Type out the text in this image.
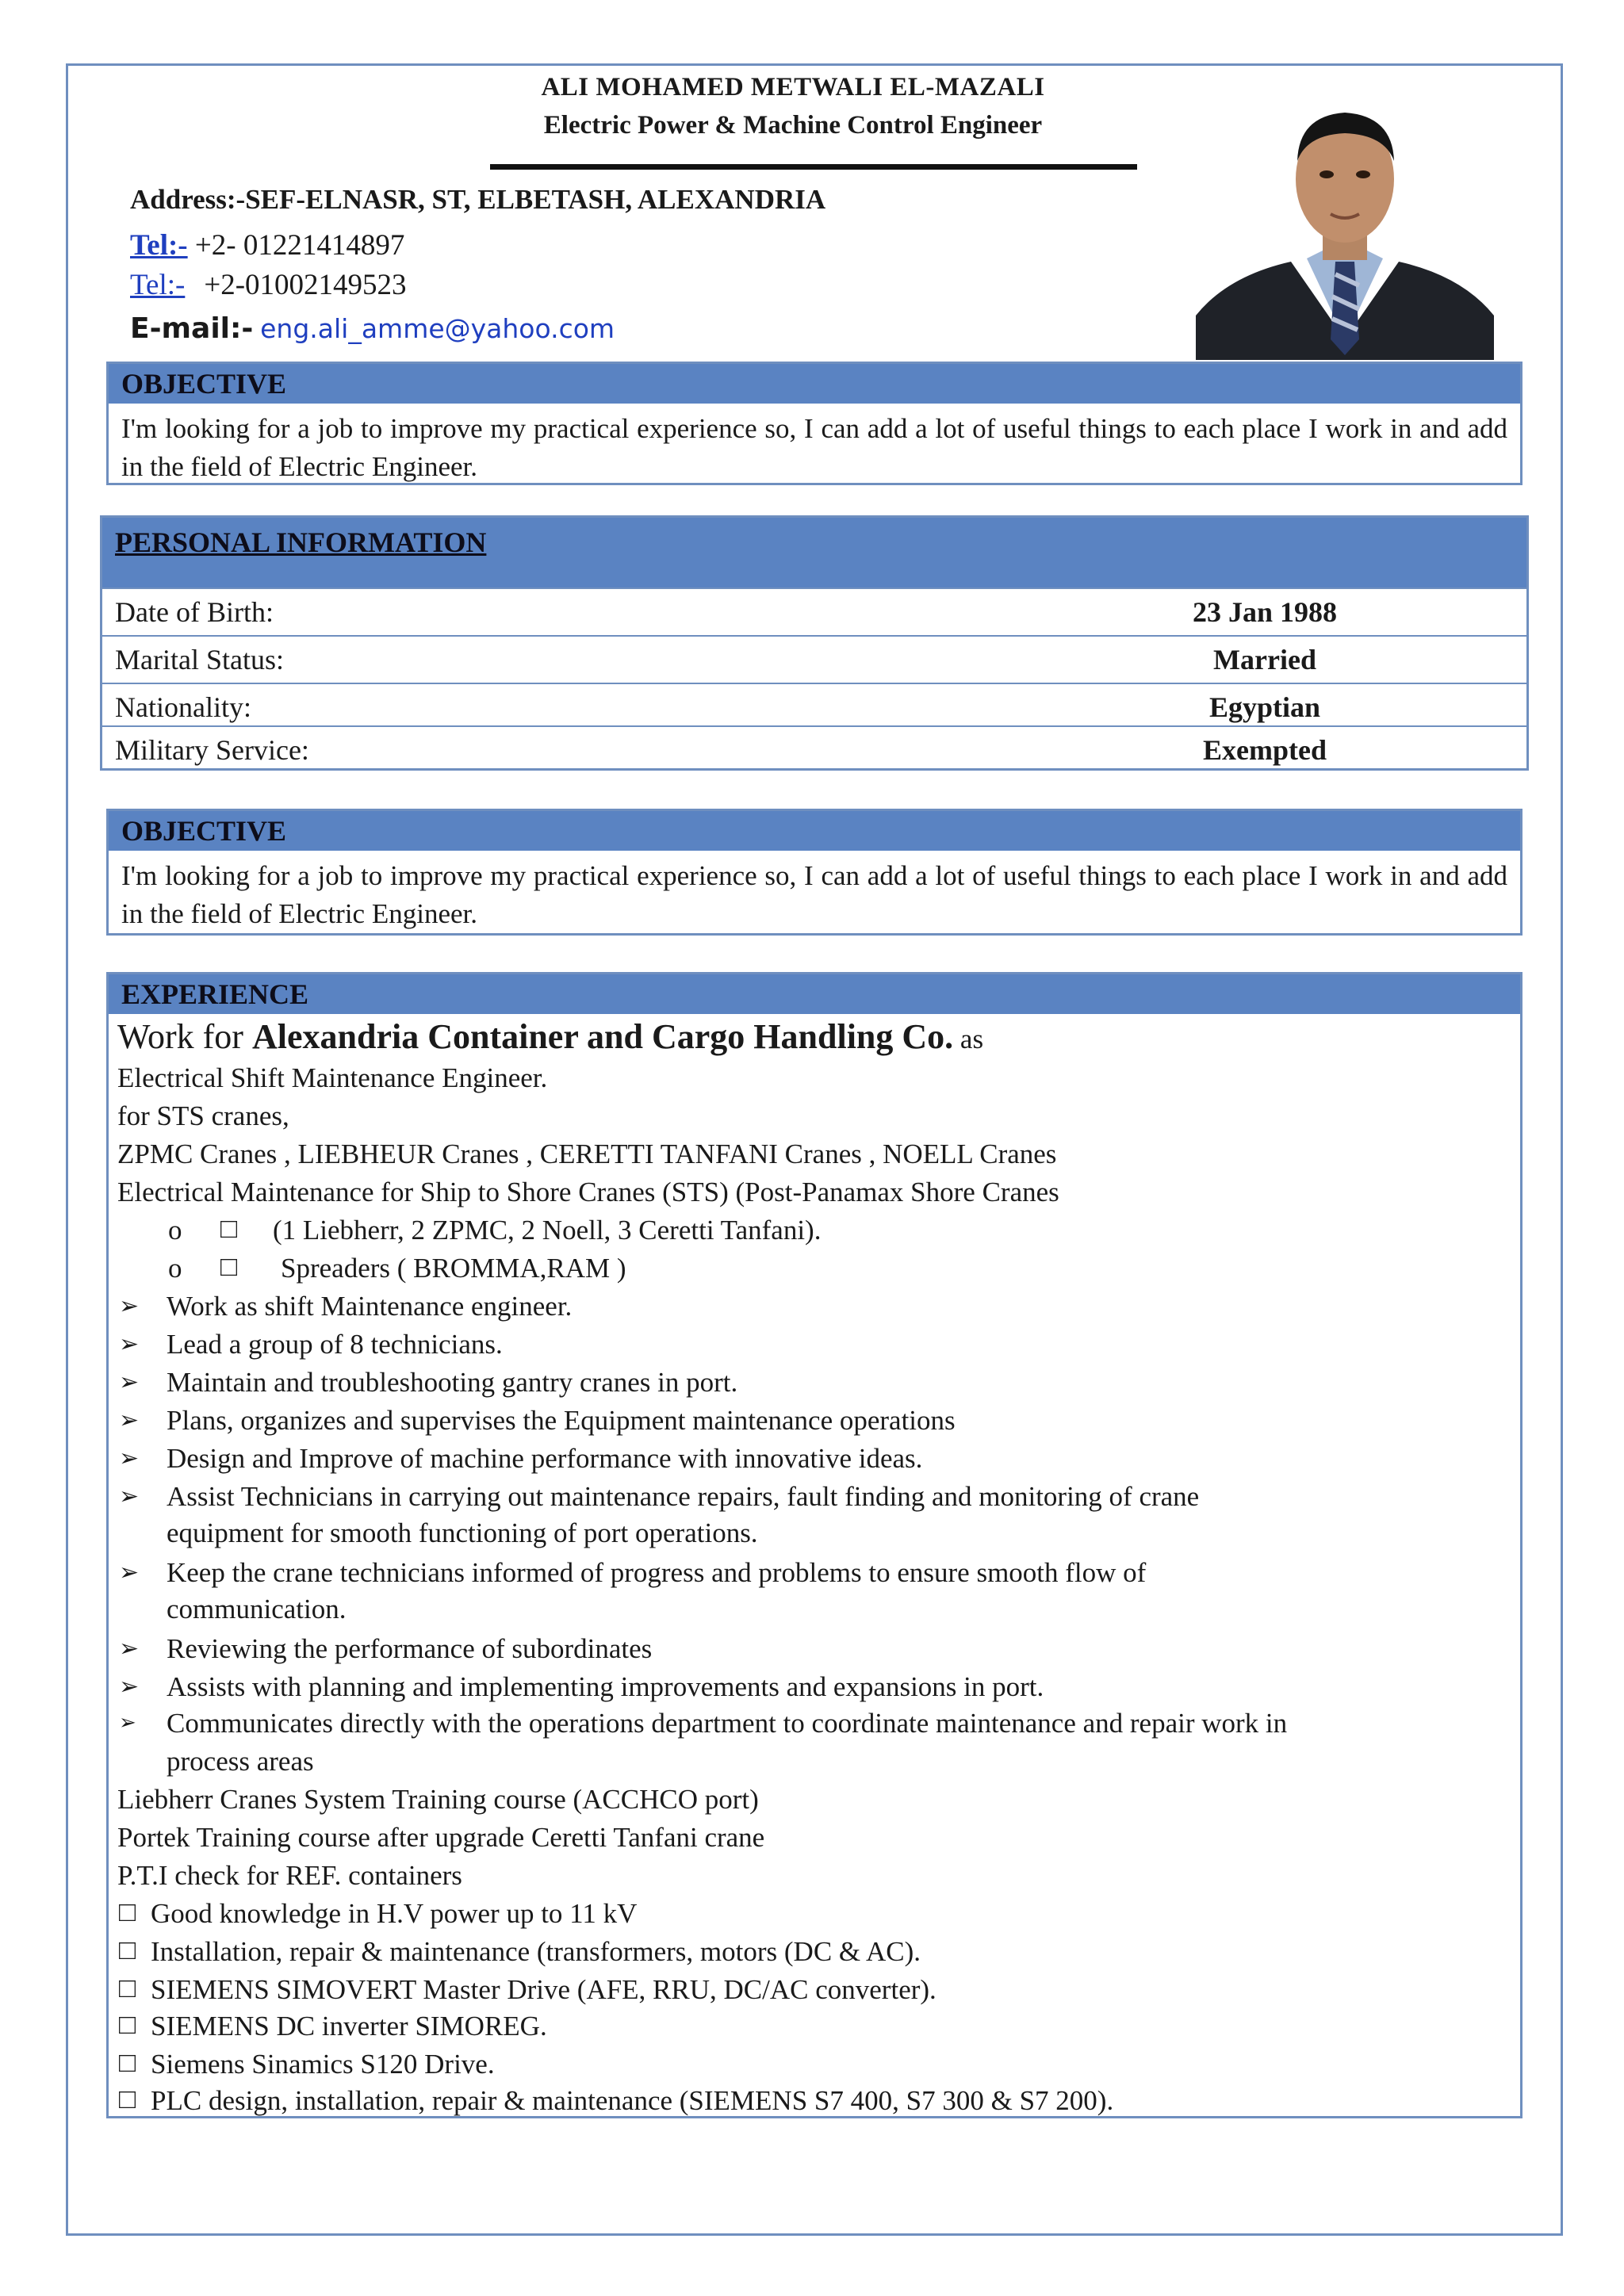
ALI MOHAMED METWALI EL-MAZALI
Electric Power & Machine Control Engineer
Address:-SEF-ELNASR, ST, ELBETASH, ALEXANDRIA
Tel:- +2- 01221414897
Tel:- +2-01002149523
E-mail:- eng.ali_amme@yahoo.com
OBJECTIVE
I'm looking for a job to improve my practical experience so, I can add a lot of useful things to each place I work in and add in the field of Electric Engineer.
PERSONAL INFORMATION
Date of Birth:	23 Jan 1988
Marital Status:	Married
Nationality:	Egyptian
Military Service:	Exempted
OBJECTIVE
I'm looking for a job to improve my practical experience so, I can add a lot of useful things to each place I work in and add in the field of Electric Engineer.
EXPERIENCE
Work for Alexandria Container and Cargo Handling Co. as
Electrical Shift Maintenance Engineer.
for STS cranes,
ZPMC Cranes , LIEBHEUR Cranes , CERETTI TANFANI Cranes , NOELL Cranes
Electrical Maintenance for Ship to Shore Cranes (STS) (Post-Panamax Shore Cranes
o □ (1 Liebherr, 2 ZPMC, 2 Noell, 3 Ceretti Tanfani).
o □ Spreaders ( BROMMA,RAM )
➢ Work as shift Maintenance engineer.
➢ Lead a group of 8 technicians.
➢ Maintain and troubleshooting gantry cranes in port.
➢ Plans, organizes and supervises the Equipment maintenance operations
➢ Design and Improve of machine performance with innovative ideas.
➢ Assist Technicians in carrying out maintenance repairs, fault finding and monitoring of crane
equipment for smooth functioning of port operations.
➢ Keep the crane technicians informed of progress and problems to ensure smooth flow of
communication.
➢ Reviewing the performance of subordinates
➢ Assists with planning and implementing improvements and expansions in port.
➢ Communicates directly with the operations department to coordinate maintenance and repair work in
process areas
Liebherr Cranes System Training course (ACCHCO port)
Portek Training course after upgrade Ceretti Tanfani crane
P.T.I check for REF. containers
□ Good knowledge in H.V power up to 11 kV
□ Installation, repair & maintenance (transformers, motors (DC & AC).
□ SIEMENS SIMOVERT Master Drive (AFE, RRU, DC/AC converter).
□ SIEMENS DC inverter SIMOREG.
□ Siemens Sinamics S120 Drive.
□ PLC design, installation, repair & maintenance (SIEMENS S7 400, S7 300 & S7 200).
